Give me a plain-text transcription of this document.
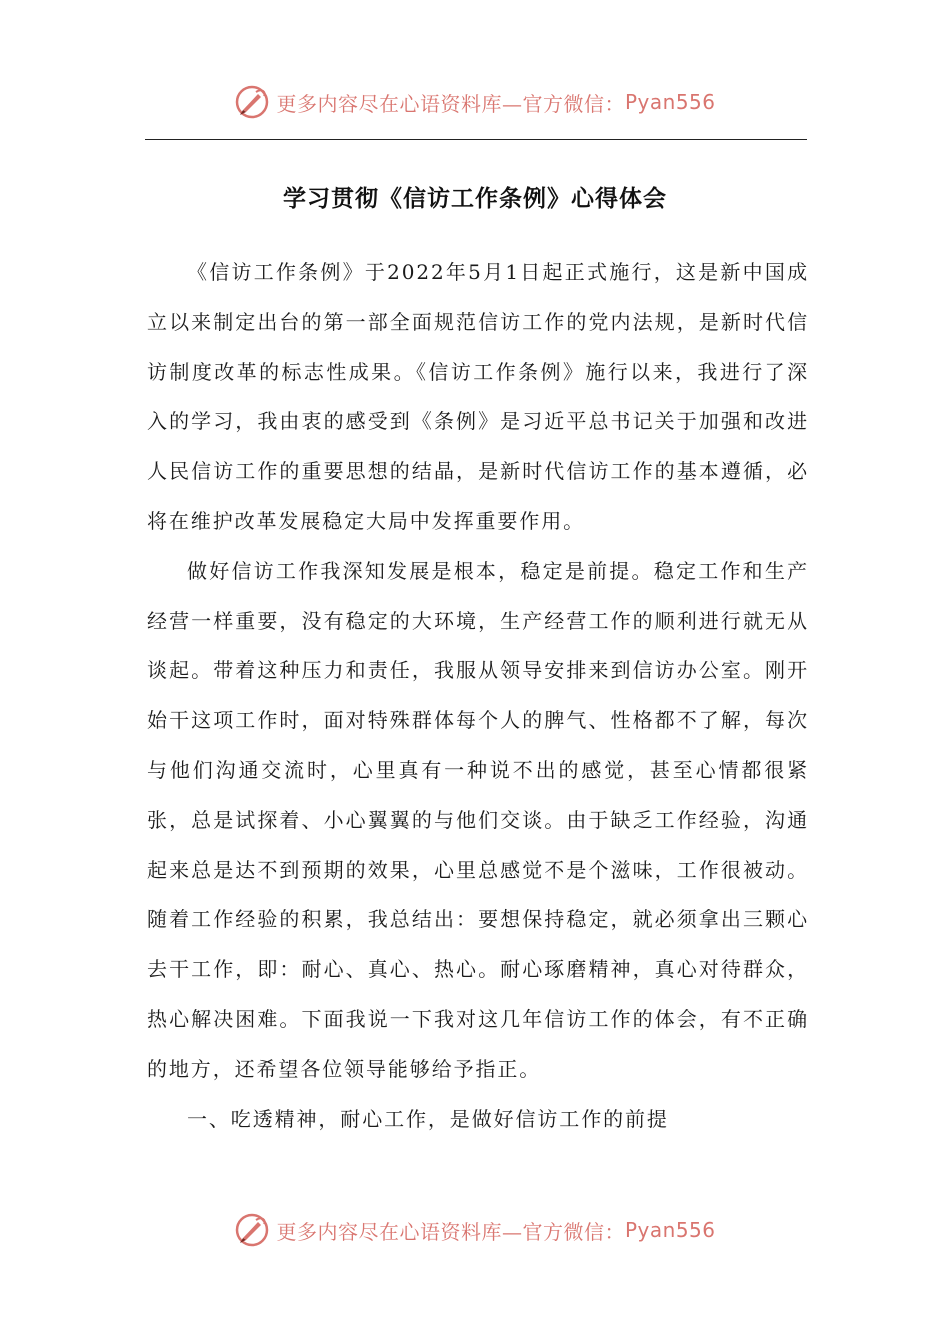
更多内容尽在心语资料库—官方微信： Pyan556
学习贯彻《信访工作条例》心得体会

《信访工作条例》于2022年5月1日起正式施行，这是新中国成立以来制定出台的第一部全面规范信访工作的党内法规，是新时代信访制度改革的标志性成果。《信访工作条例》施行以来，我进行了深入的学习，我由衷的感受到《条例》是习近平总书记关于加强和改进人民信访工作的重要思想的结晶，是新时代信访工作的基本遵循，必将在维护改革发展稳定大局中发挥重要作用。

做好信访工作我深知发展是根本，稳定是前提。稳定工作和生产经营一样重要，没有稳定的大环境，生产经营工作的顺利进行就无从谈起。带着这种压力和责任，我服从领导安排来到信访办公室。刚开始干这项工作时，面对特殊群体每个人的脾气、性格都不了解，每次与他们沟通交流时，心里真有一种说不出的感觉，甚至心情都很紧张，总是试探着、小心翼翼的与他们交谈。由于缺乏工作经验，沟通起来总是达不到预期的效果，心里总感觉不是个滋味，工作很被动。随着工作经验的积累，我总结出：要想保持稳定，就必须拿出三颗心去干工作，即：耐心、真心、热心。耐心琢磨精神，真心对待群众，热心解决困难。下面我说一下我对这几年信访工作的体会，有不正确的地方，还希望各位领导能够给予指正。

一、吃透精神，耐心工作，是做好信访工作的前提

更多内容尽在心语资料库—官方微信： Pyan556
